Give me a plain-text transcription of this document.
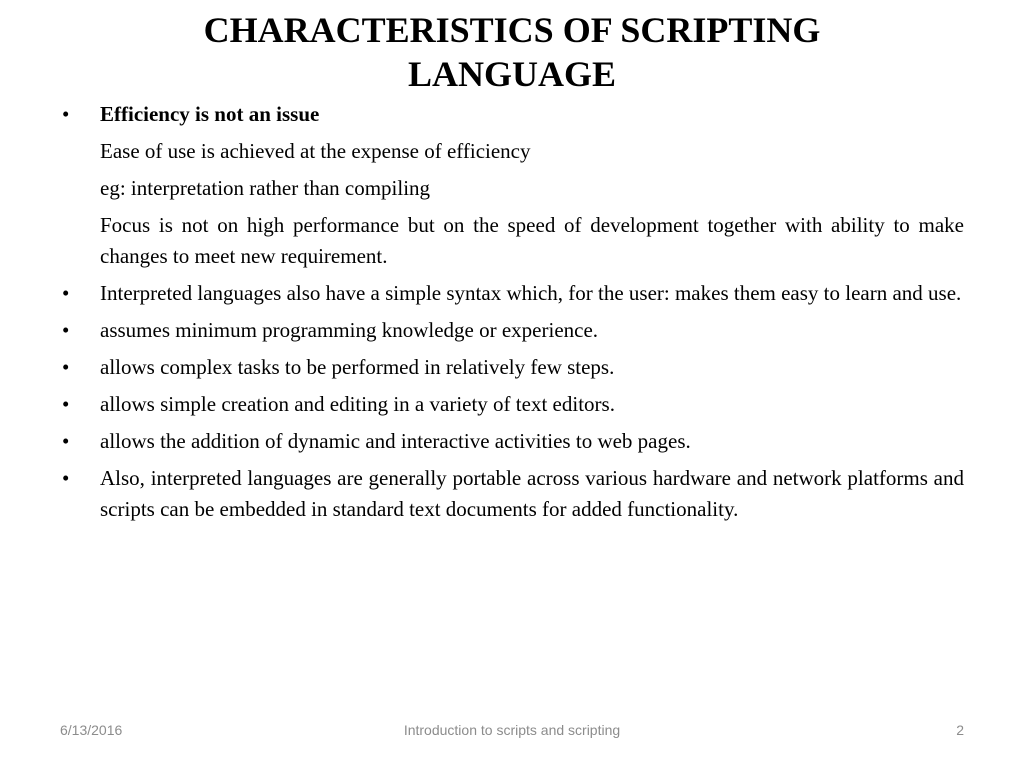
CHARACTERISTICS OF SCRIPTING
LANGUAGE
•	Efficiency is not an issue

Ease of use is achieved at the expense of efficiency

eg: interpretation rather than compiling

Focus is not on high performance but on the speed of development together with ability to make changes to meet new requirement.

•	Interpreted languages also have a simple syntax which, for the user: makes them easy to learn and use.

•	assumes minimum programming knowledge or experience.

•	allows complex tasks to be performed in relatively few steps.

•	allows simple creation and editing in a variety of text editors.

•	allows the addition of dynamic and interactive activities to web pages.

•	Also, interpreted languages are generally portable across various hardware and network platforms and scripts can be embedded in standard text documents for added functionality.

6/13/2016	Introduction to scripts and scripting	2
